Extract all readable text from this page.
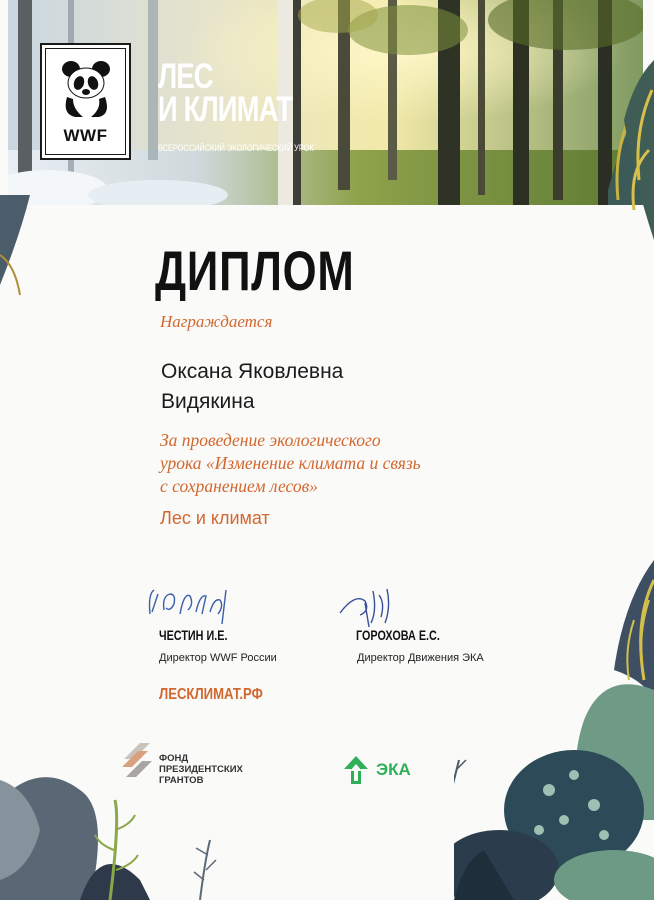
WWF
ЛЕС
И КЛИМАТ
ВСЕРОССИЙСКИЙ ЭКОЛОГИЧЕСКИЙ УРОК
ДИПЛОМ
Награждается
Оксана Яковлевна
Видякина
За проведение экологического
урока «Изменение климата и связь
с сохранением лесов»
Лес и климат
ЧЕСТИН И.Е.
Директор WWF России
ГОРОХОВА Е.С.
Директор Движения ЭКА
ЛЕСКЛИМАТ.РФ
ФОНД
ПРЕЗИДЕНТСКИХ
ГРАНТОВ
ЭКА
